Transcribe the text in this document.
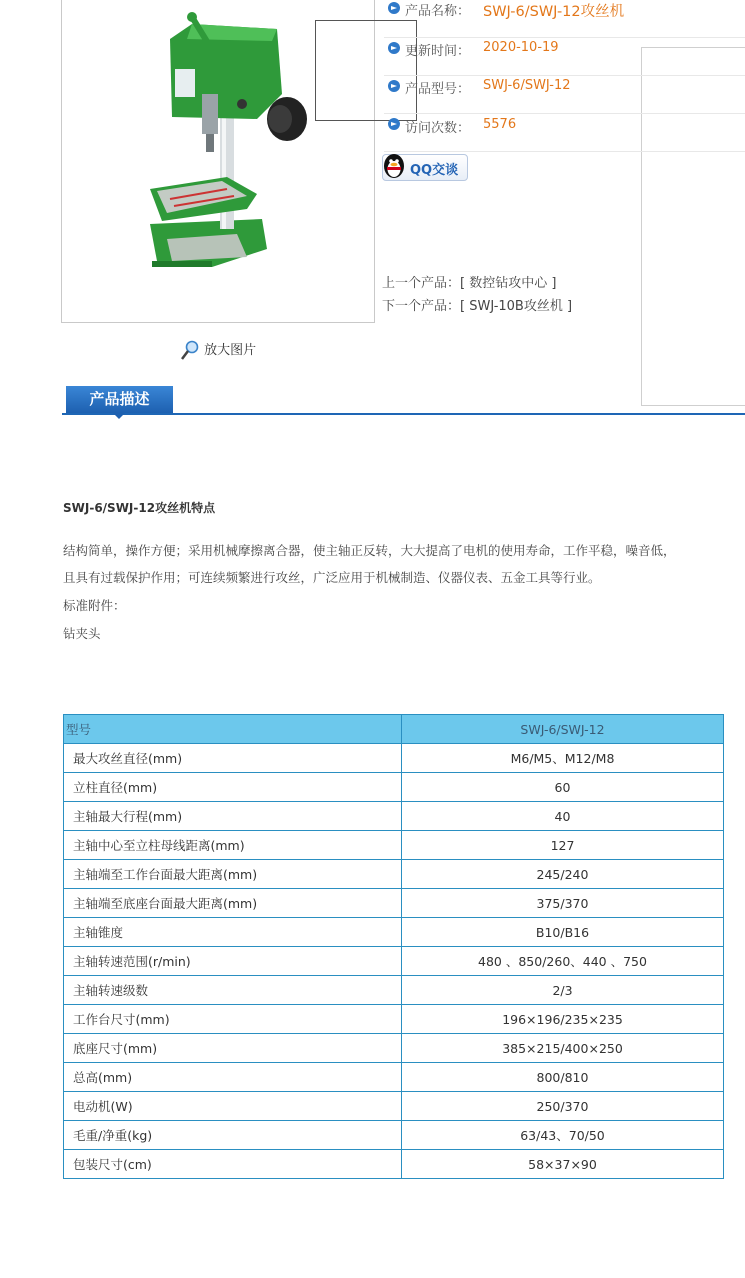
产品名称： SWJ-6/SWJ-12攻丝机
更新时间： 2020-10-19
产品型号： SWJ-6/SWJ-12
访问次数： 5576
QQ交谈
上一个产品：[ 数控钻攻中心 ]
下一个产品：[ SWJ-10B攻丝机 ]
放大图片
产品描述
SWJ-6/SWJ-12攻丝机特点
结构简单，操作方便；采用机械摩擦离合器，使主轴正反转，大大提高了电机的使用寿命，工作平稳，噪音低，
且具有过载保护作用；可连续频繁进行攻丝，广泛应用于机械制造、仪器仪表、五金工具等行业。
标准附件：
钻夹头
型号	SWJ-6/SWJ-12
最大攻丝直径(mm)	M6/M5、M12/M8
立柱直径(mm)	60
主轴最大行程(mm)	40
主轴中心至立柱母线距离(mm)	127
主轴端至工作台面最大距离(mm)	245/240
主轴端至底座台面最大距离(mm)	375/370
主轴锥度	B10/B16
主轴转速范围(r/min)	480 、850/260、440 、750
主轴转速级数	2/3
工作台尺寸(mm)	196×196/235×235
底座尺寸(mm)	385×215/400×250
总高(mm)	800/810
电动机(W)	250/370
毛重/净重(kg)	63/43、70/50
包装尺寸(cm)	58×37×90
